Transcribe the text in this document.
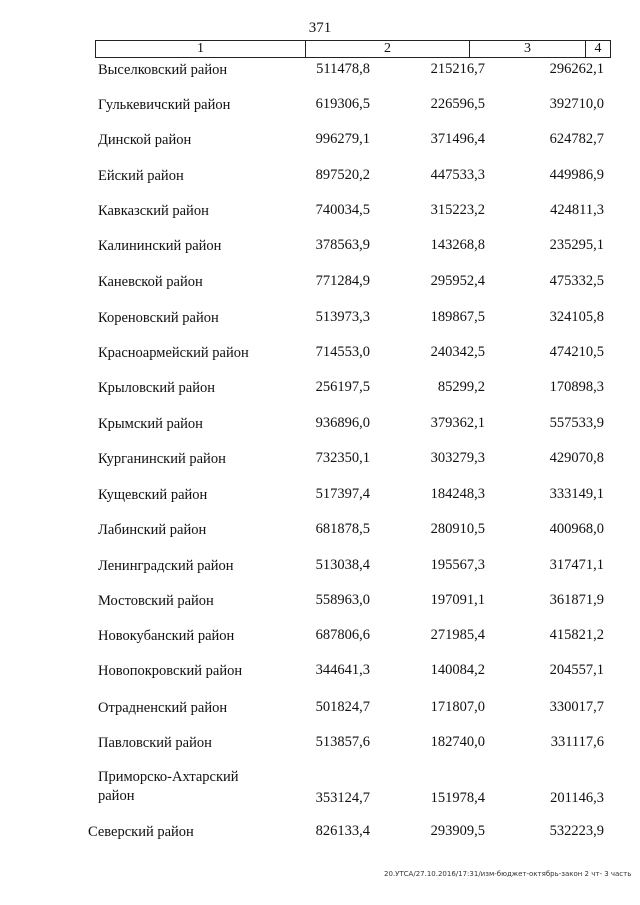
371
1	2	3	4
Выселковский район	511478,8	215216,7	296262,1
Гулькевичский район	619306,5	226596,5	392710,0
Динской район	996279,1	371496,4	624782,7
Ейский район	897520,2	447533,3	449986,9
Кавказский район	740034,5	315223,2	424811,3
Калининский район	378563,9	143268,8	235295,1
Каневской район	771284,9	295952,4	475332,5
Кореновский район	513973,3	189867,5	324105,8
Красноармейский район	714553,0	240342,5	474210,5
Крыловский район	256197,5	85299,2	170898,3
Крымский район	936896,0	379362,1	557533,9
Курганинский район	732350,1	303279,3	429070,8
Кущевский район	517397,4	184248,3	333149,1
Лабинский район	681878,5	280910,5	400968,0
Ленинградский район	513038,4	195567,3	317471,1
Мостовский район	558963,0	197091,1	361871,9
Новокубанский район	687806,6	271985,4	415821,2
Новопокровский район	344641,3	140084,2	204557,1
Отрадненский район	501824,7	171807,0	330017,7
Павловский район	513857,6	182740,0	331117,6
Приморско-Ахтарский
район	353124,7	151978,4	201146,3
Северский район	826133,4	293909,5	532223,9
20.УТСА/27.10.2016/17:31/изм-бюджет-октябрь-закон 2 чт- 3 часть
